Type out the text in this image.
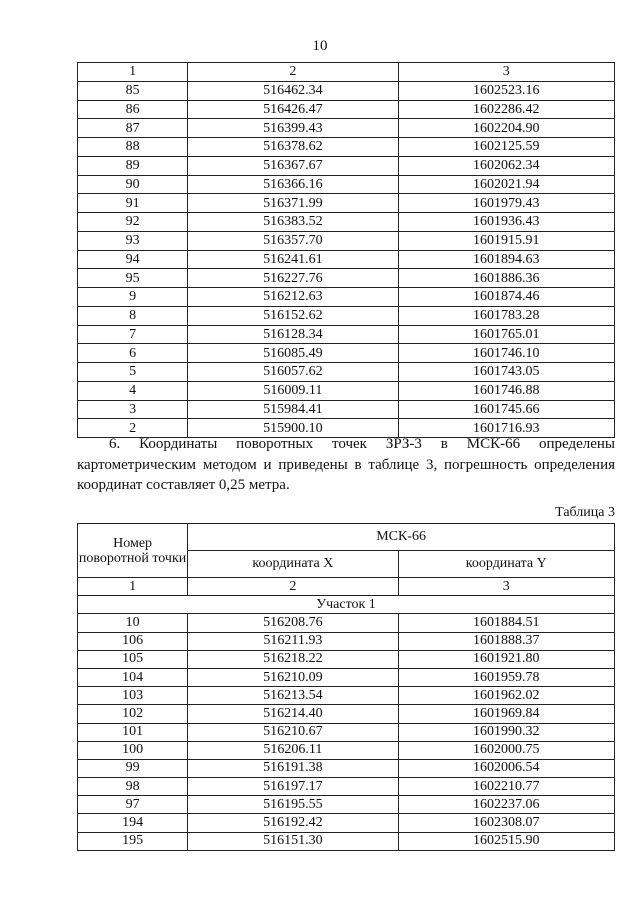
10
1	2	3
85	516462.34	1602523.16
86	516426.47	1602286.42
87	516399.43	1602204.90
88	516378.62	1602125.59
89	516367.67	1602062.34
90	516366.16	1602021.94
91	516371.99	1601979.43
92	516383.52	1601936.43
93	516357.70	1601915.91
94	516241.61	1601894.63
95	516227.76	1601886.36
9	516212.63	1601874.46
8	516152.62	1601783.28
7	516128.34	1601765.01
6	516085.49	1601746.10
5	516057.62	1601743.05
4	516009.11	1601746.88
3	515984.41	1601745.66
2	515900.10	1601716.93

6. Координаты поворотных точек ЗРЗ-3 в МСК-66 определены картометрическим методом и приведены в таблице 3, погрешность определения координат составляет 0,25 метра.

Таблица 3
Номер поворотной точки	МСК-66	
	координата X	координата Y
1	2	3
Участок 1		
10	516208.76	1601884.51
106	516211.93	1601888.37
105	516218.22	1601921.80
104	516210.09	1601959.78
103	516213.54	1601962.02
102	516214.40	1601969.84
101	516210.67	1601990.32
100	516206.11	1602000.75
99	516191.38	1602006.54
98	516197.17	1602210.77
97	516195.55	1602237.06
194	516192.42	1602308.07
195	516151.30	1602515.90
